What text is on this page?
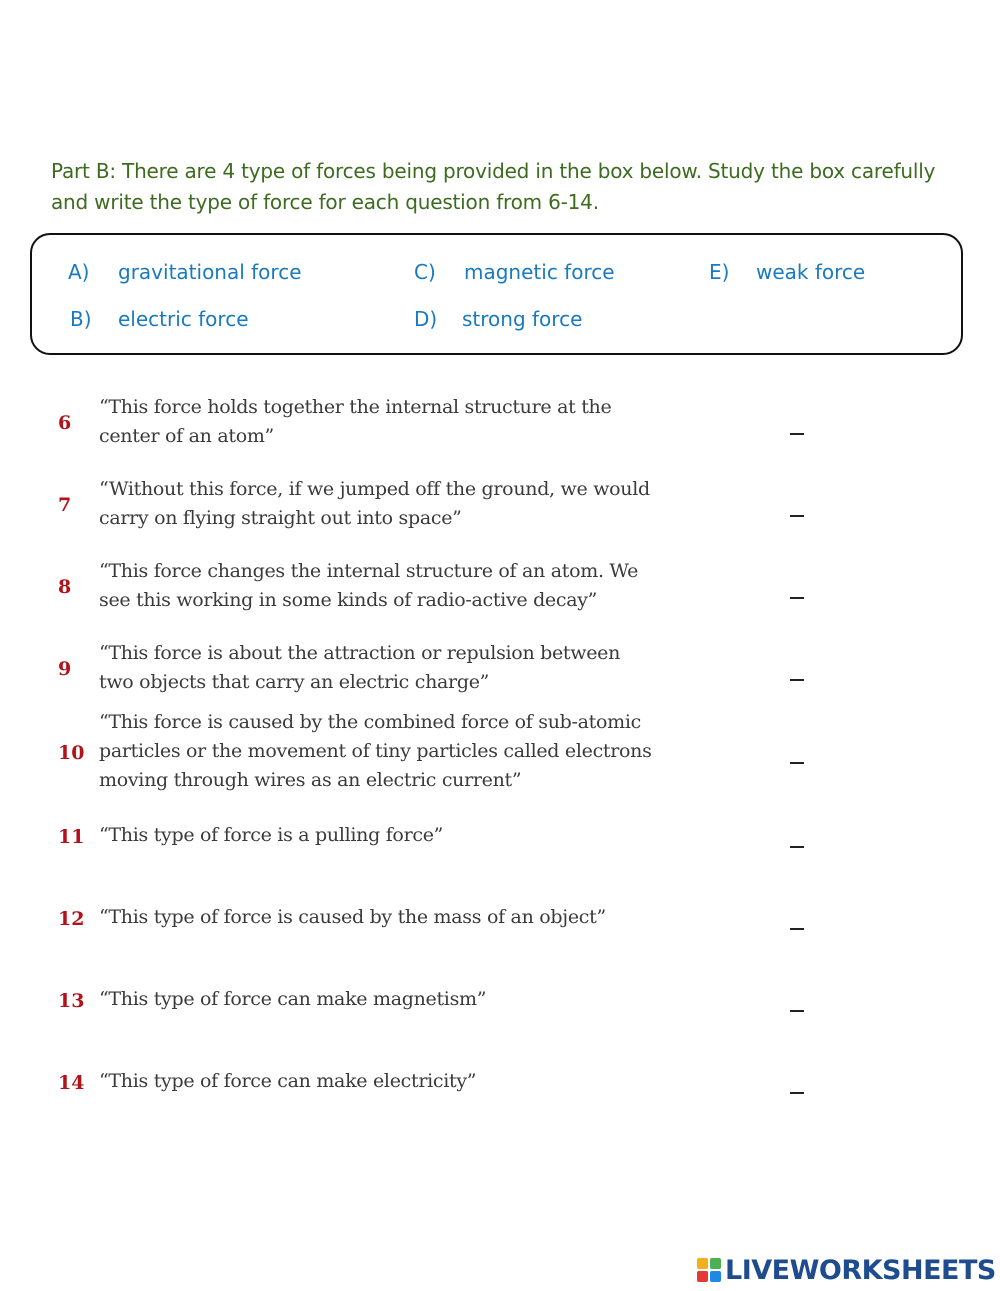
Part B: There are 4 type of forces being provided in the box below. Study the box carefully and write the type of force for each question from 6-14.
A) gravitational force
B) electric force
C) magnetic force
D) strong force
E) weak force
6
“This force holds together the internal structure at the center of an atom”
7
“Without this force, if we jumped off the ground, we would carry on flying straight out into space”
8
“This force changes the internal structure of an atom. We see this working in some kinds of radio-active decay”
9
“This force is about the attraction or repulsion between two objects that carry an electric charge”
10
“This force is caused by the combined force of sub-atomic particles or the movement of tiny particles called electrons moving through wires as an electric current”
11 “This type of force is a pulling force”
12 “This type of force is caused by the mass of an object”
13 “This type of force can make magnetism”
14 “This type of force can make electricity”
LIVEWORKSHEETS
